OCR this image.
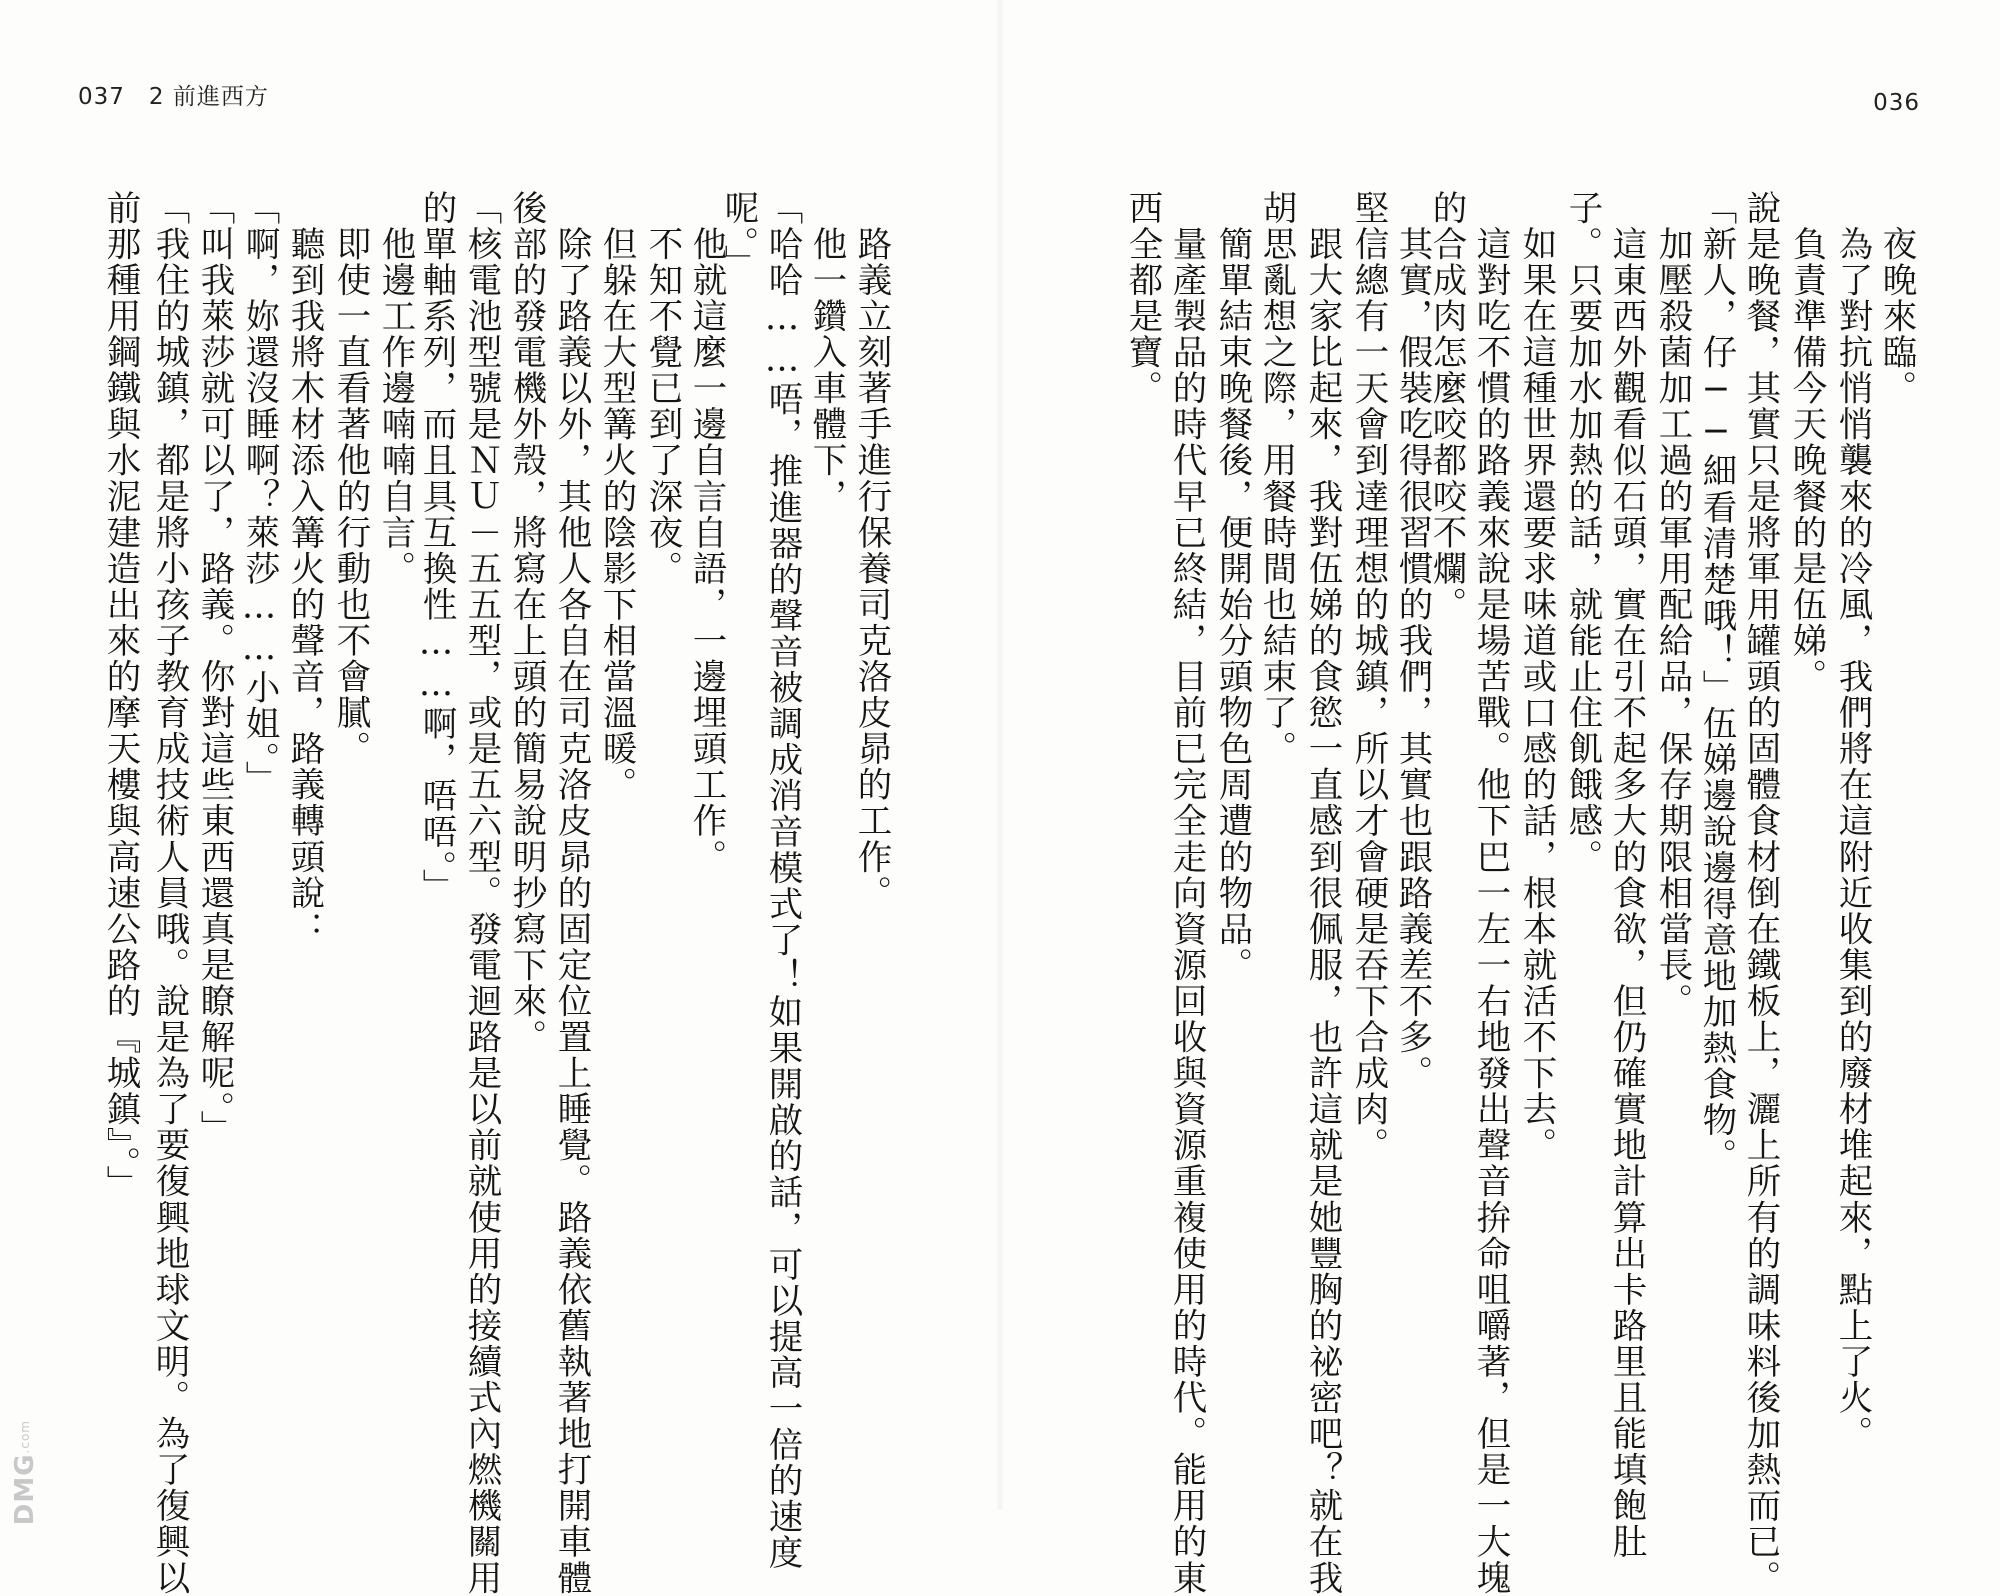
037 2 前進西方
前那種用鋼鐵與水泥建造出來的摩天樓與高速公路的『城鎮』。」 「我住的城鎮，都是將小孩子教育成技術人員哦。說是為了要復興地球文明。為了復興以 「叫我萊莎就可以了，路義。你對這些東西還真是瞭解呢。」 「啊，妳還沒睡啊？萊莎……小姐。」 　聽到我將木材添入篝火的聲音，路義轉頭說： 　即使一直看著他的行動也不會膩。 　他邊工作邊喃喃自言。 的單軸系列，而且具互換性……啊，唔唔。」 「核電池型號是ＮＵ－五五型，或是五六型。發電迴路是以前就使用的接續式內燃機關用 後部的發電機外殼，將寫在上頭的簡易說明抄寫下來。 　除了路義以外，其他人各自在司克洛皮昴的固定位置上睡覺。路義依舊執著地打開車體 　但躲在大型篝火的陰影下相當溫暖。 　不知不覺已到了深夜。 　他就這麼一邊自言自語，一邊埋頭工作。
呢。」 「哈哈……唔，推進器的聲音被調成消音模式了！如果開啟的話，可以提高一倍的速度 　他一鑽入車體下， 　路義立刻著手進行保養司克洛皮昴的工作。
DMG.com
036
西全都是寶。 　量產製品的時代早已終結，目前已完全走向資源回收與資源重複使用的時代。能用的東 　簡單結束晚餐後，便開始分頭物色周遭的物品。 胡思亂想之際，用餐時間也結束了。 　跟大家比起來，我對伍娣的食慾一直感到很佩服，也許這就是她豐胸的祕密吧？就在我 堅信總有一天會到達理想的城鎮，所以才會硬是吞下合成肉。 　其實，假裝吃得很習慣的我們，其實也跟路義差不多。
的合成肉怎麼咬都咬不爛。 　這對吃不慣的路義來說是場苦戰。他下巴一左一右地發出聲音拚命咀嚼著，但是一大塊 　如果在這種世界還要求味道或口感的話，根本就活不下去。 子。只要加水加熱的話，就能止住飢餓感。 　這東西外觀看似石頭，實在引不起多大的食欲，但仍確實地計算出卡路里且能填飽肚 　加壓殺菌加工過的軍用配給品，保存期限相當長。 「新人，仔──細看清楚哦！」伍娣邊說邊得意地加熱食物。 說是晚餐，其實只是將軍用罐頭的固體食材倒在鐵板上，灑上所有的調味料後加熱而已。 　負責準備今天晚餐的是伍娣。 　為了對抗悄悄襲來的冷風，我們將在這附近收集到的廢材堆起來，點上了火。 　夜晚來臨。
